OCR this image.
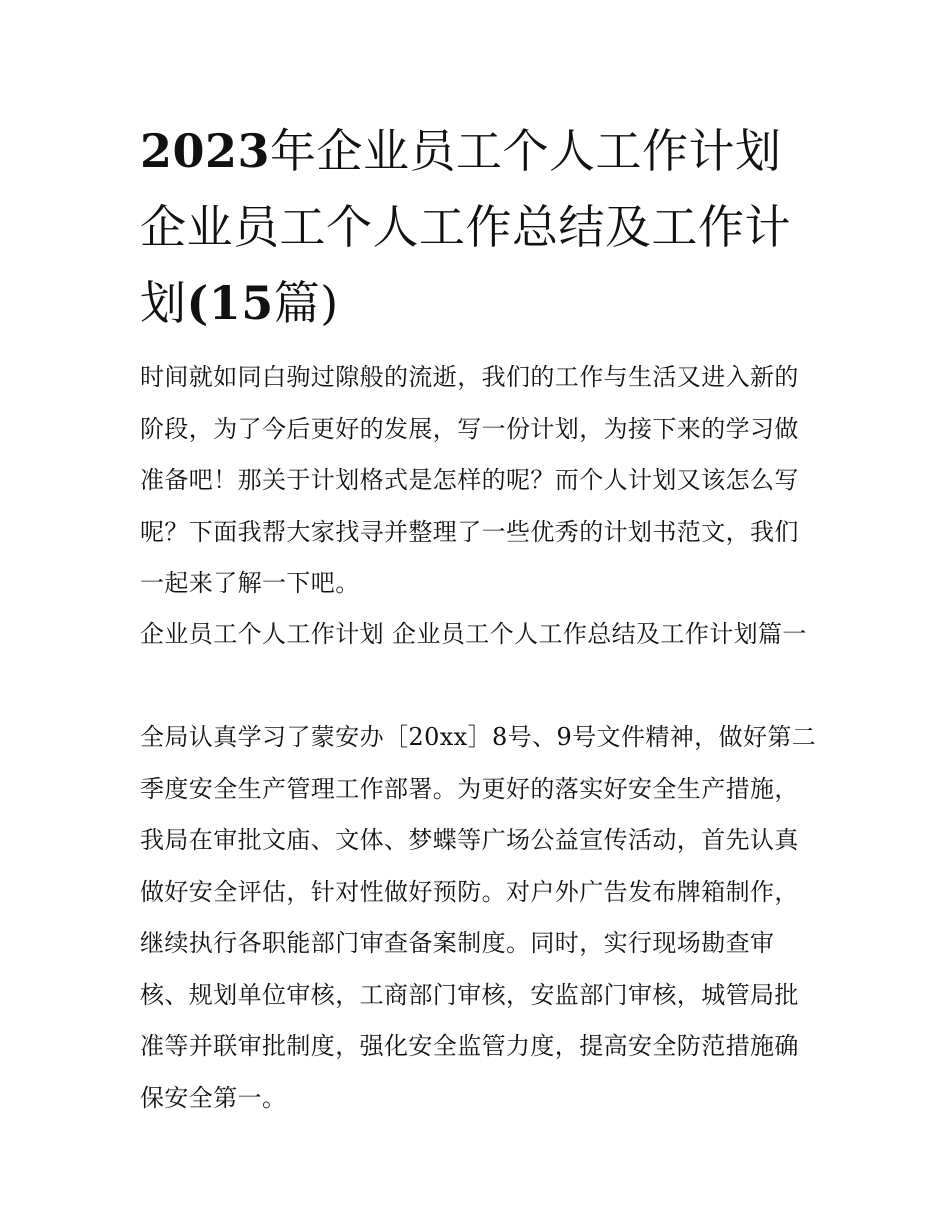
2023年企业员工个人工作计划企业员工个人工作总结及工作计划(15篇)

时间就如同白驹过隙般的流逝，我们的工作与生活又进入新的阶段，为了今后更好的发展，写一份计划，为接下来的学习做准备吧！那关于计划格式是怎样的呢？而个人计划又该怎么写呢？下面我帮大家找寻并整理了一些优秀的计划书范文，我们一起来了解一下吧。

企业员工个人工作计划 企业员工个人工作总结及工作计划篇一

全局认真学习了蒙安办［20xx］8号、9号文件精神，做好第二季度安全生产管理工作部署。为更好的落实好安全生产措施，我局在审批文庙、文体、梦蝶等广场公益宣传活动，首先认真做好安全评估，针对性做好预防。对户外广告发布牌箱制作，继续执行各职能部门审查备案制度。同时，实行现场勘查审核、规划单位审核，工商部门审核，安监部门审核，城管局批准等并联审批制度，强化安全监管力度，提高安全防范措施确保安全第一。
